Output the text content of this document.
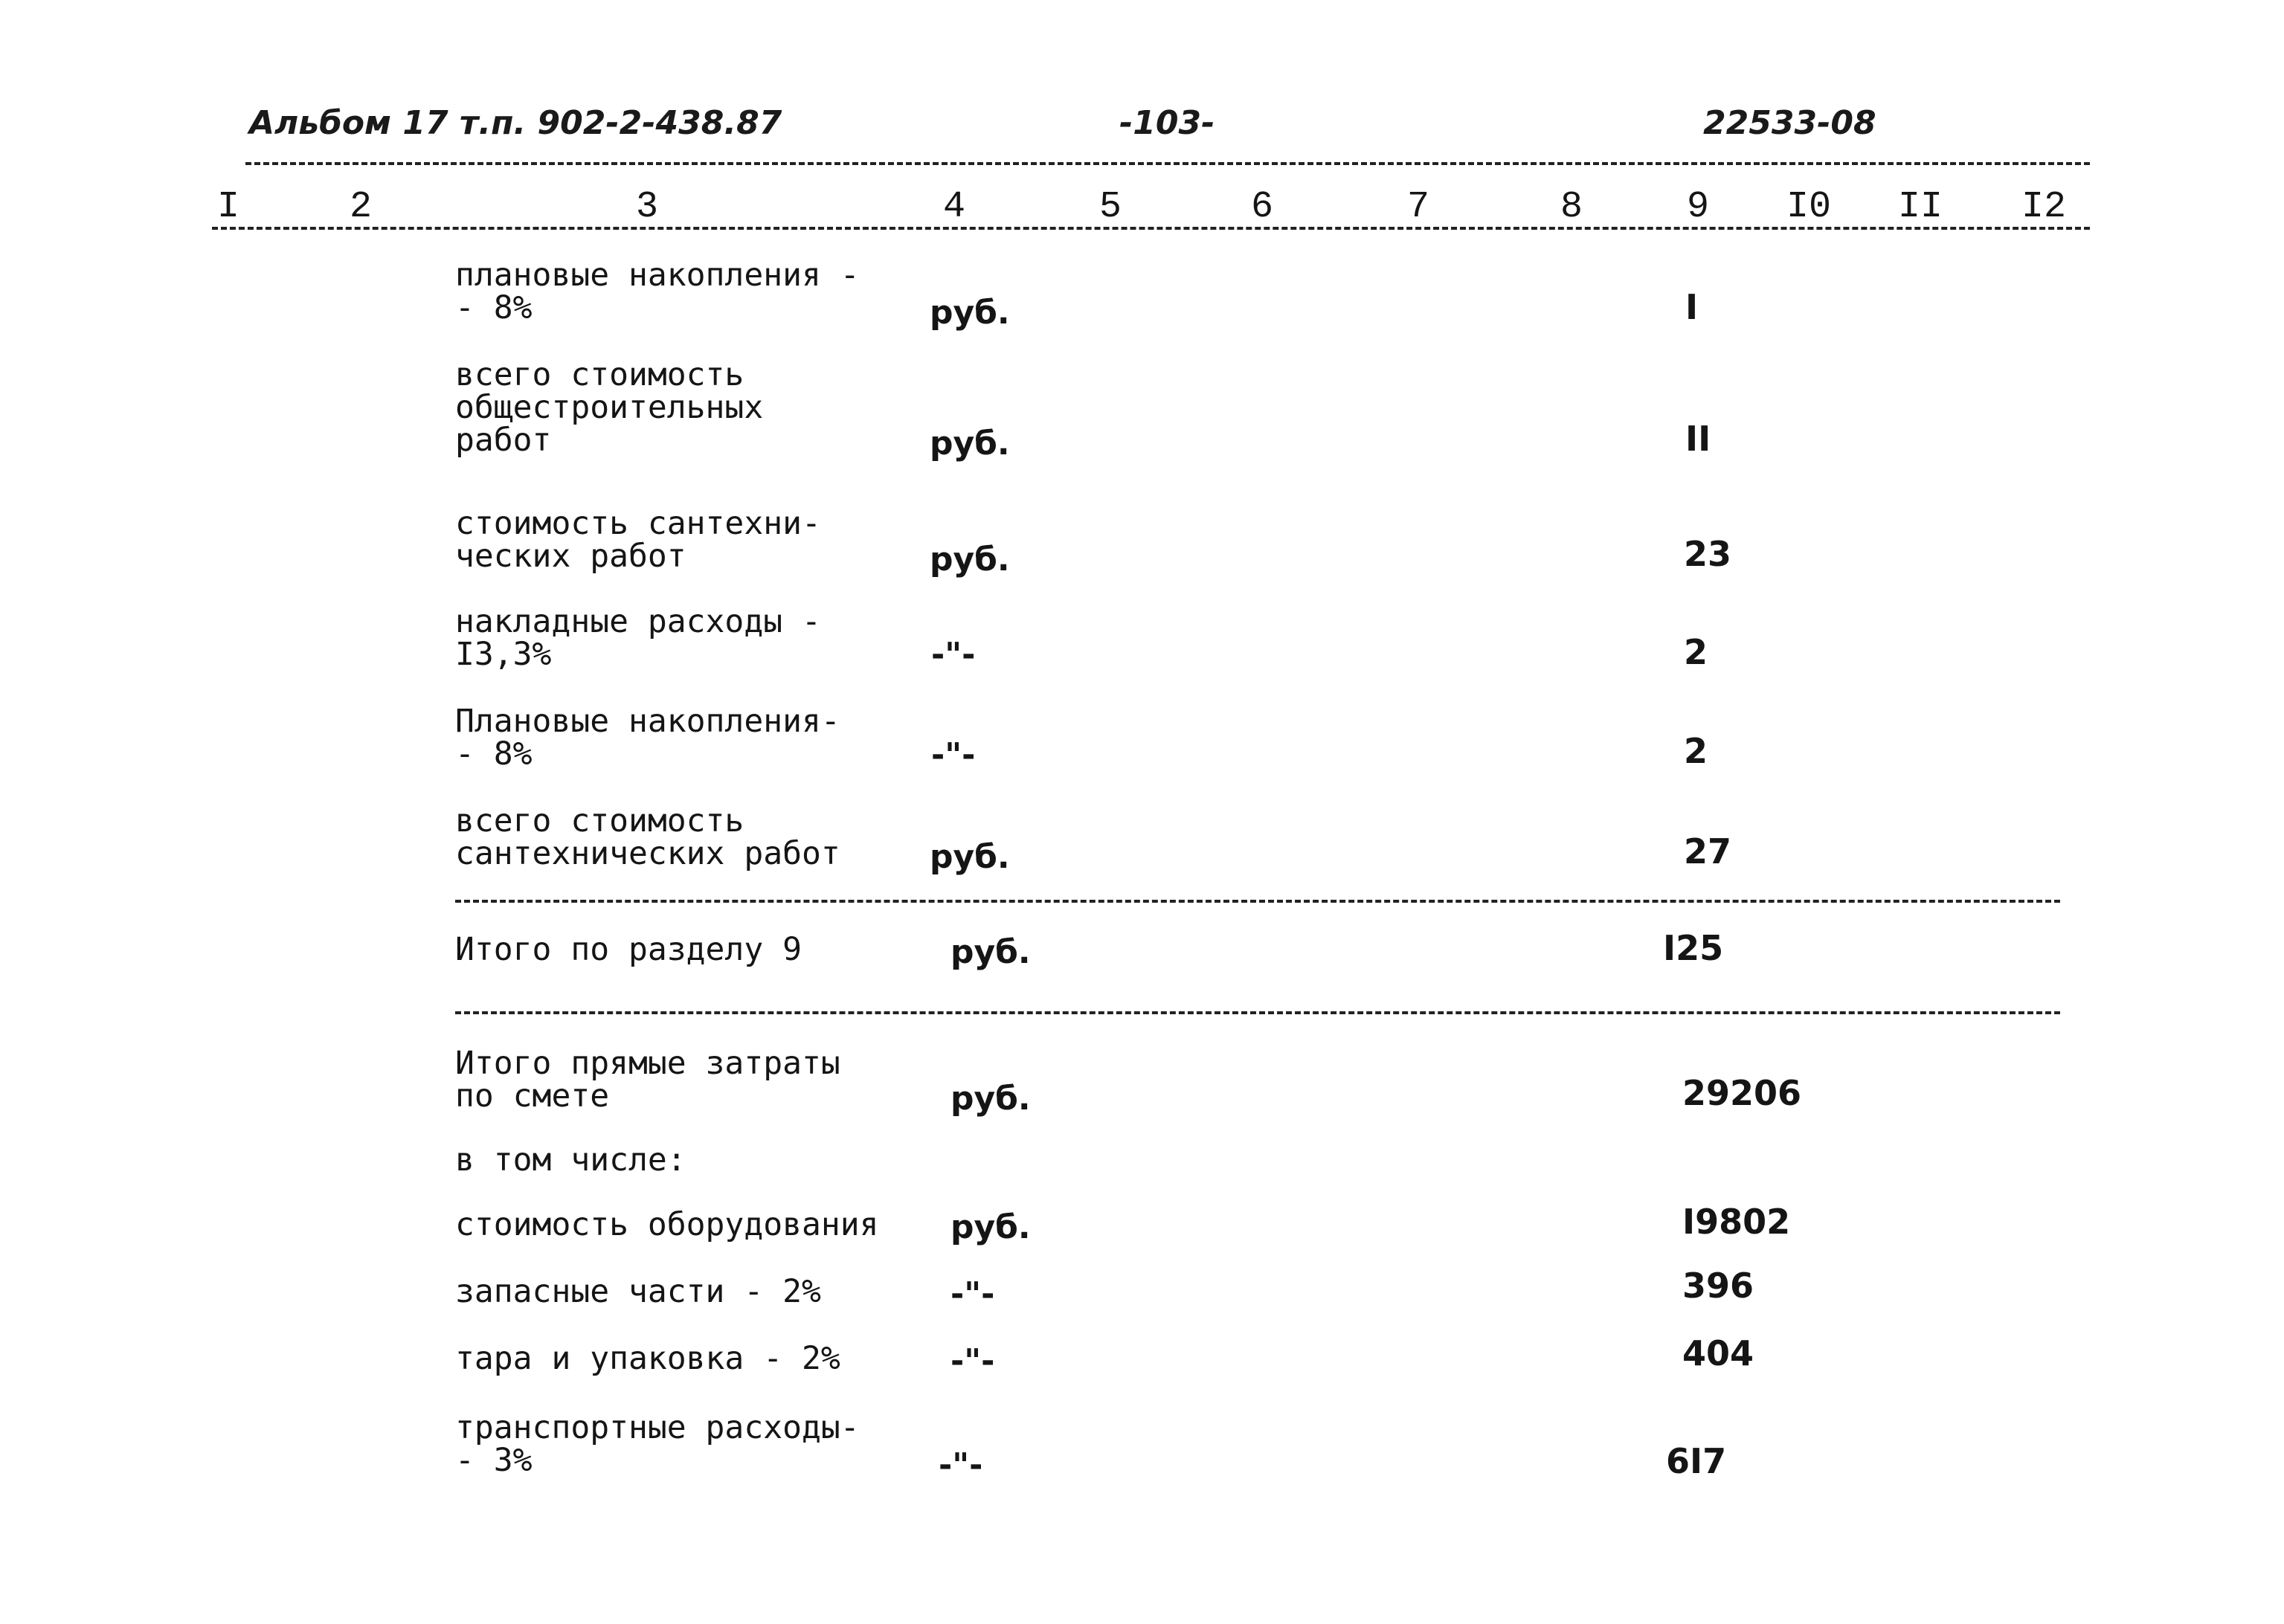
Альбом 17 т.п. 902-2-438.87	-103-	22533-08
I	2	3	4	5	6	7	8	9 I0 II I2
плановые накопления -
- 8%	руб.	I
всего стоимость
общестроительных
работ	руб.	II
стоимость сантехни-
ческих работ	руб.	23
накладные расходы -
I3,3%	-"-	2
Плановые накопления-
- 8%	-"-	2
всего стоимость
сантехнических работ	руб.	27
Итого по разделу 9	руб.	I25
Итого прямые затраты
по смете	руб.	29206
в том числе:
стоимость оборудования руб.	I9802
запасные части - 2%	-"-	396
тара и упаковка - 2%	-"-	404
транспортные расходы-
- 3%	-"-	6I7
